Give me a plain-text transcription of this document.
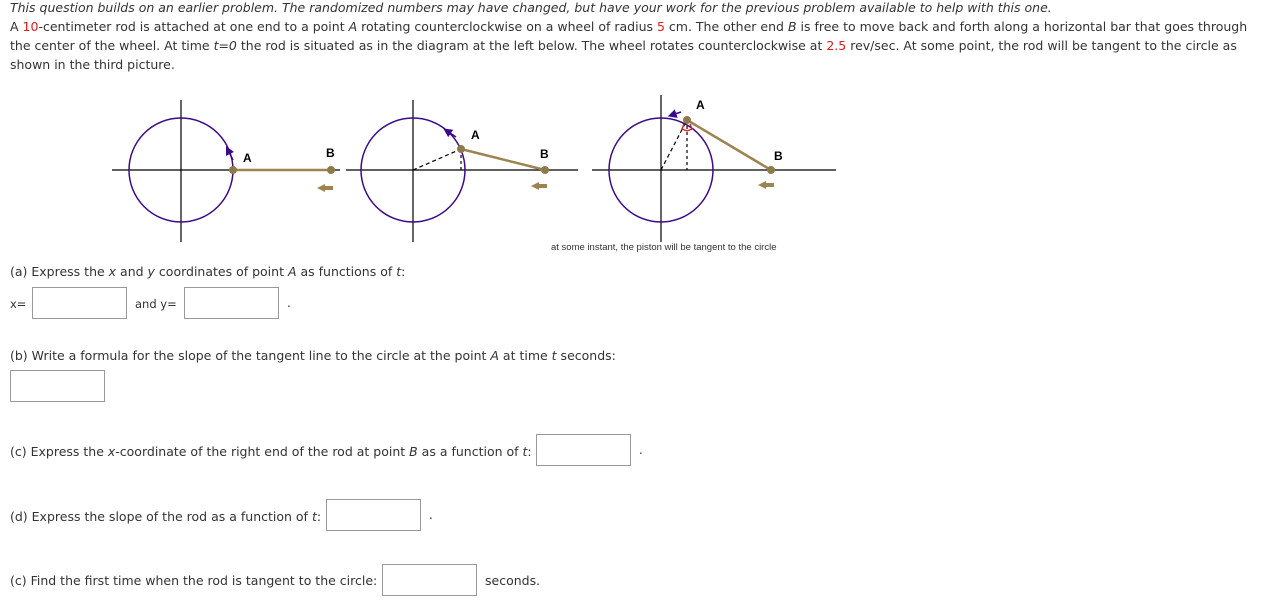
This question builds on an earlier problem. The randomized numbers may have changed, but have your work for the previous problem available to help with this one.

A 10-centimeter rod is attached at one end to a point A rotating counterclockwise on a wheel of radius 5 cm. The other end B is free to move back and forth along a horizontal bar that goes through the center of the wheel. At time t=0 the rod is situated as in the diagram at the left below. The wheel rotates counterclockwise at 2.5 rev/sec. At some point, the rod will be tangent to the circle as shown in the third picture.

A	B
A
B
A
B
at some instant, the piston will be tangent to the circle
(a) Express the x and y coordinates of point A as functions of t:
x=	and y=	.
(b) Write a formula for the slope of the tangent line to the circle at the point A at time t seconds:
(c) Express the x-coordinate of the right end of the rod at point B as a function of t:	.
(d) Express the slope of the rod as a function of t:	.
(c) Find the first time when the rod is tangent to the circle:	seconds.
